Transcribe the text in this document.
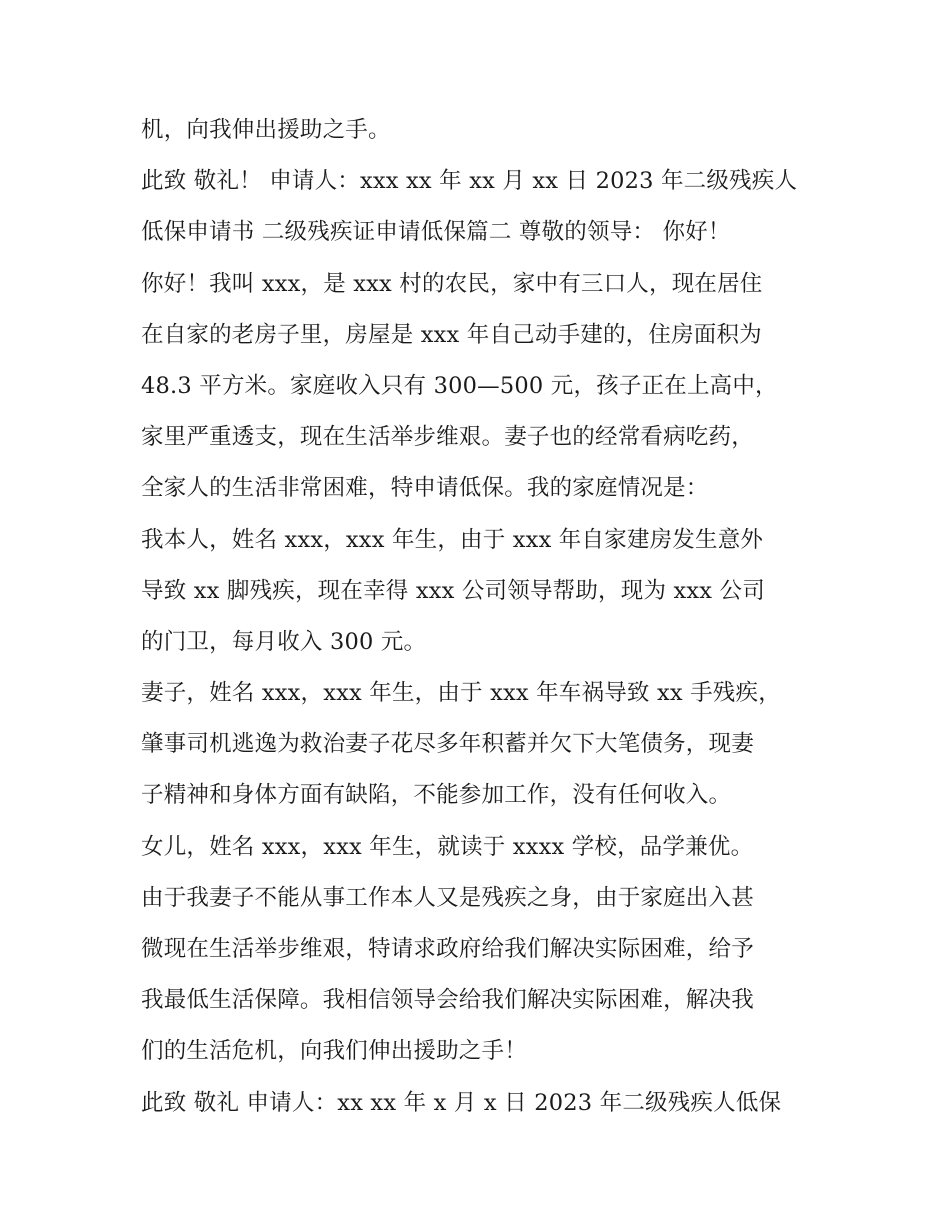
机，向我伸出援助之手。
此致 敬礼！ 申请人：xxx xx 年 xx 月 xx 日 2023 年二级残疾人
低保申请书 二级残疾证申请低保篇二 尊敬的领导： 你好！
你好！我叫 xxx，是 xxx 村的农民，家中有三口人，现在居住
在自家的老房子里，房屋是 xxx 年自己动手建的，住房面积为
48.3 平方米。家庭收入只有 300—500 元，孩子正在上高中，
家里严重透支，现在生活举步维艰。妻子也的经常看病吃药，
全家人的生活非常困难，特申请低保。我的家庭情况是：
我本人，姓名 xxx，xxx 年生，由于 xxx 年自家建房发生意外
导致 xx 脚残疾，现在幸得 xxx 公司领导帮助，现为 xxx 公司
的门卫，每月收入 300 元。
妻子，姓名 xxx，xxx 年生，由于 xxx 年车祸导致 xx 手残疾，
肇事司机逃逸为救治妻子花尽多年积蓄并欠下大笔债务，现妻
子精神和身体方面有缺陷，不能参加工作，没有任何收入。
女儿，姓名 xxx，xxx 年生，就读于 xxxx 学校，品学兼优。
由于我妻子不能从事工作本人又是残疾之身，由于家庭出入甚
微现在生活举步维艰，特请求政府给我们解决实际困难，给予
我最低生活保障。我相信领导会给我们解决实际困难，解决我
们的生活危机，向我们伸出援助之手！
此致 敬礼 申请人：xx xx 年 x 月 x 日 2023 年二级残疾人低保
